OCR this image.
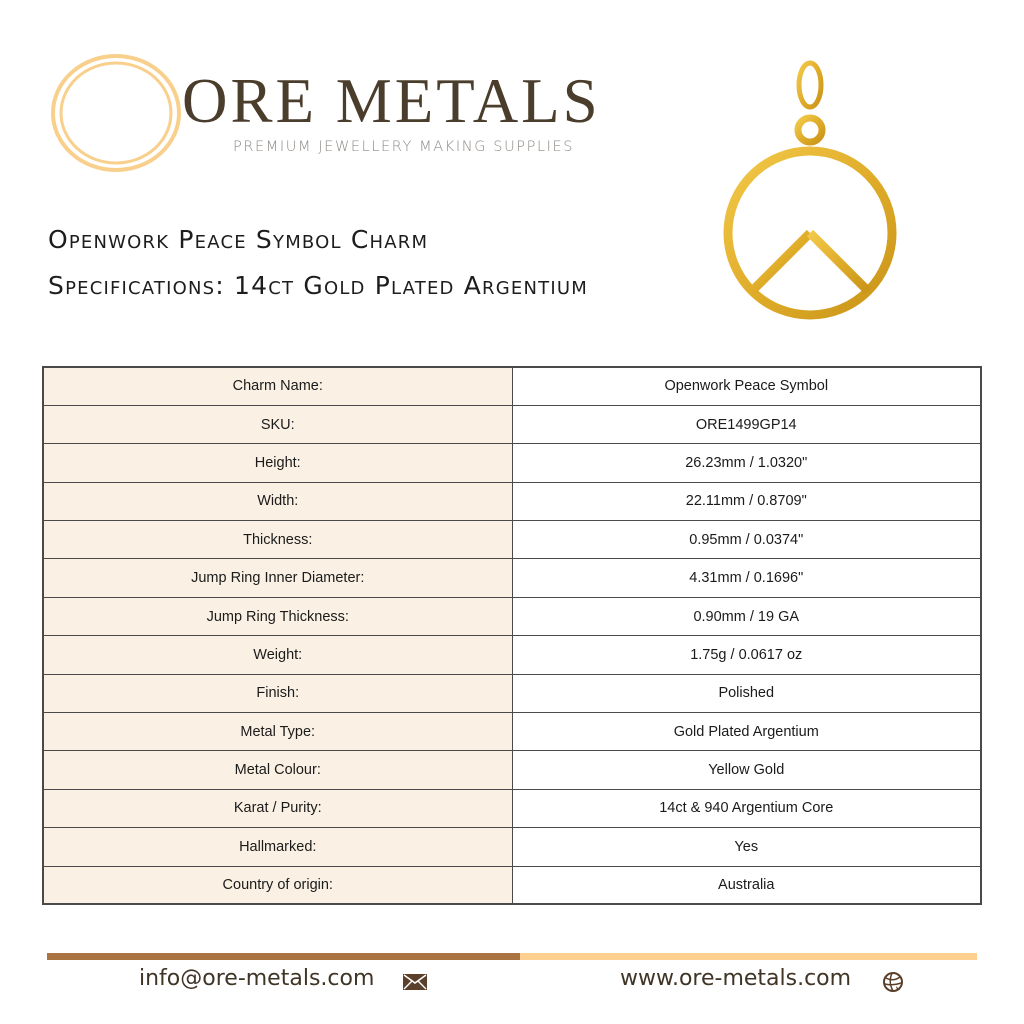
ORE METALS
PREMIUM JEWELLERY MAKING SUPPLIES
Openwork Peace Symbol Charm
Specifications: 14ct Gold Plated Argentium
Charm Name:	Openwork Peace Symbol
SKU:	ORE1499GP14
Height:	26.23mm / 1.0320"
Width:	22.11mm / 0.8709"
Thickness:	0.95mm / 0.0374"
Jump Ring Inner Diameter:	4.31mm / 0.1696"
Jump Ring Thickness:	0.90mm / 19 GA
Weight:	1.75g / 0.0617 oz
Finish:	Polished
Metal Type:	Gold Plated Argentium
Metal Colour:	Yellow Gold
Karat / Purity:	14ct & 940 Argentium Core
Hallmarked:	Yes
Country of origin:	Australia
info@ore-metals.com	www.ore-metals.com
